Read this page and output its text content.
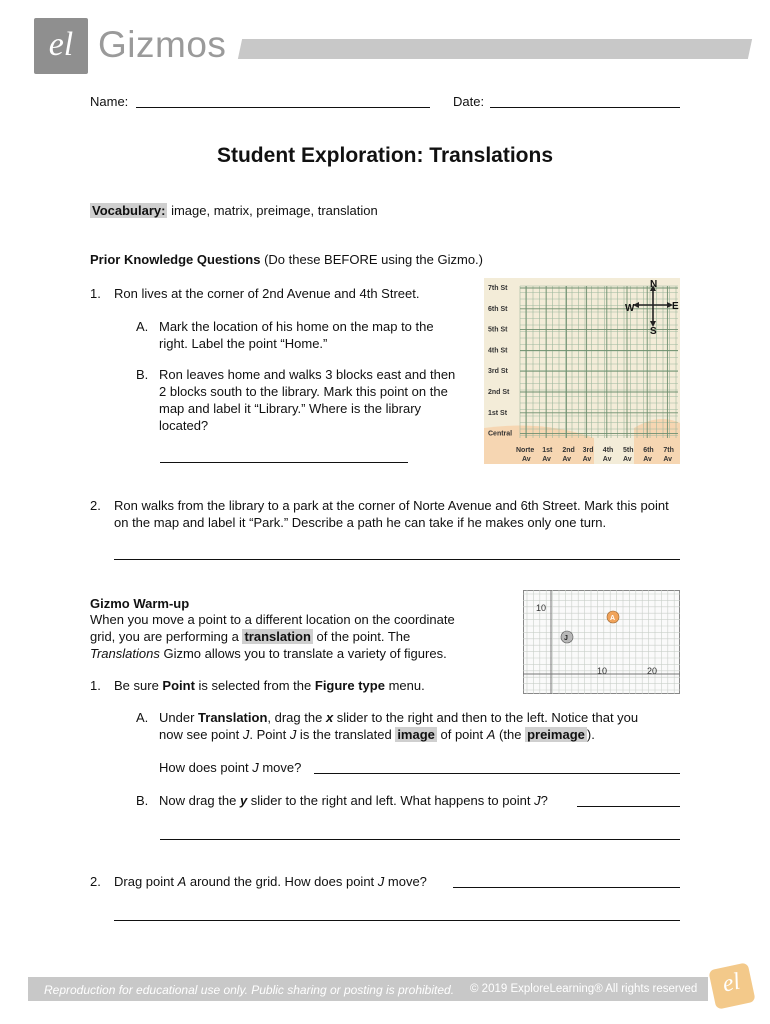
el Gizmos
Name:	Date:
Student Exploration: Translations
Vocabulary: image, matrix, preimage, translation
Prior Knowledge Questions (Do these BEFORE using the Gizmo.)
1. Ron lives at the corner of 2nd Avenue and 4th Street.
A. Mark the location of his home on the map to the right. Label the point “Home.”
B. Ron leaves home and walks 3 blocks east and then 2 blocks south to the library. Mark this point on the map and label it “Library.” Where is the library located?
7th St
6th St
5th St
4th St
3rd St
2nd St
1st St
Central
Norte
Av
1st
Av
2nd
Av
3rd
Av
4th
Av
5th
Av
6th
Av
7th
Av
N
S
E
W
2. Ron walks from the library to a park at the corner of Norte Avenue and 6th Street. Mark this point on the map and label it “Park.” Describe a path he can take if he makes only one turn.
Gizmo Warm-up
When you move a point to a different location on the coordinate
grid, you are performing a translation of the point. The
Translations Gizmo allows you to translate a variety of figures.
10
10	20
A
J
1. Be sure Point is selected from the Figure type menu.
A. Under Translation, drag the x slider to the right and then to the left. Notice that you
now see point J. Point J is the translated image of point A (the preimage ).
How does point J move?
B. Now drag the y slider to the right and left. What happens to point J?
2. Drag point A around the grid. How does point J move?
Reproduction for educational use only. Public sharing or posting is prohibited. © 2019 ExploreLearning® All rights reserved el
